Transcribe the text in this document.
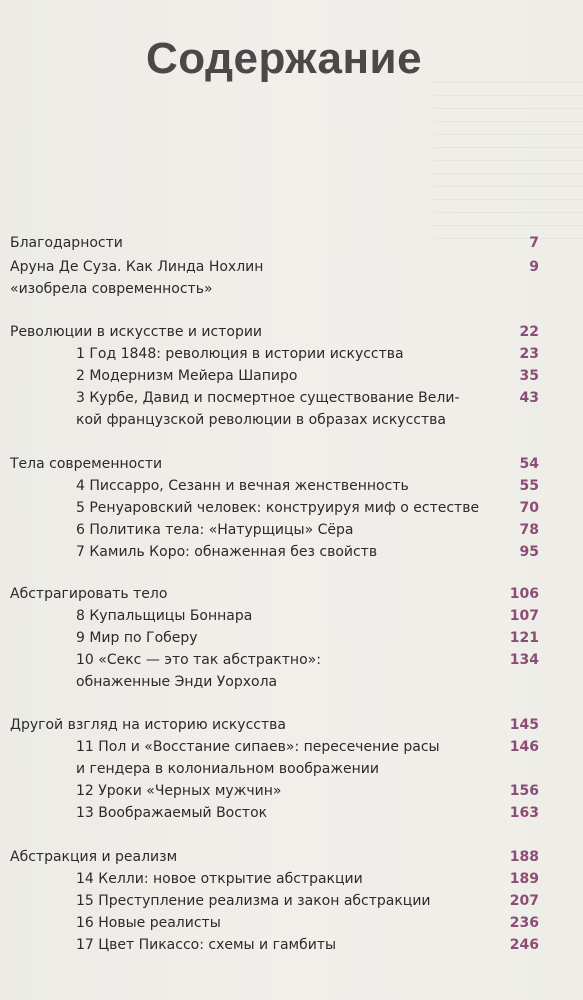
Содержание
Благодарности	7
Аруна Де Суза. Как Линда Нохлин	9
«изобрела современность»
Революции в искусстве и истории	22
1 Год 1848: революция в истории искусства	23
2 Модернизм Мейера Шапиро	35
3 Курбе, Давид и посмертное существование Вели-	43
кой французской революции в образах искусства
Тела современности	54
4 Писсарро, Сезанн и вечная женственность	55
5 Ренуаровский человек: конструируя миф о естестве	70
6 Политика тела: «Натурщицы» Сёра	78
7 Камиль Коро: обнаженная без свойств	95
Абстрагировать тело	106
8 Купальщицы Боннара	107
9 Мир по Гоберу	121
10 «Секс — это так абстрактно»:	134
обнаженные Энди Уорхола
Другой взгляд на историю искусства	145
11 Пол и «Восстание сипаев»: пересечение расы	146
и гендера в колониальном воображении
12 Уроки «Черных мужчин»	156
13 Воображаемый Восток	163
Абстракция и реализм	188
14 Келли: новое открытие абстракции	189
15 Преступление реализма и закон абстракции	207
16 Новые реалисты	236
17 Цвет Пикассо: схемы и гамбиты	246
